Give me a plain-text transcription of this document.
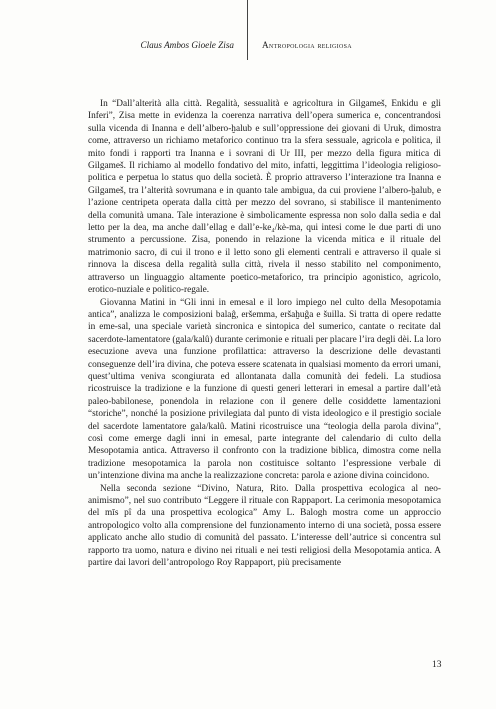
Claus Ambos Gioele Zisa	Antropologia religiosa

In “Dall’alterità alla città. Regalità, sessualità e agricoltura in Gilgameš, Enkidu e gli Inferi”, Zisa mette in evidenza la coerenza narrativa dell’opera sumerica e, concentrandosi sulla vicenda di Inanna e dell’albero-ḫalub e sull’oppressione dei giovani di Uruk, dimostra come, attraverso un richiamo metaforico continuo tra la sfera sessuale, agricola e politica, il mito fondi i rapporti tra Inanna e i sovrani di Ur III, per mezzo della figura mitica di Gilgameš. Il richiamo al modello fondativo del mito, infatti, leggittima l’ideologia religioso-politica e perpetua lo status quo della società. È proprio attraverso l’interazione tra Inanna e Gilgameš, tra l’alterità sovrumana e in quanto tale ambigua, da cui proviene l’albero-ḫalub, e l’azione centripeta operata dalla città per mezzo del sovrano, si stabilisce il mantenimento della comunità umana. Tale interazione è simbolicamente espressa non solo dalla sedia e dal letto per la dea, ma anche dall’ellag e dall’e-ke₄/kè-ma, qui intesi come le due parti di uno strumento a percussione. Zisa, ponendo in relazione la vicenda mitica e il rituale del matrimonio sacro, di cui il trono e il letto sono gli elementi centrali e attraverso il quale si rinnova la discesa della regalità sulla città, rivela il nesso stabilito nel componimento, attraverso un linguaggio altamente poetico-metaforico, tra principio agonistico, agricolo, erotico-nuziale e politico-regale.

Giovanna Matini in “Gli inni in emesal e il loro impiego nel culto della Mesopotamia antica”, analizza le composizioni balaĝ, eršemma, eršaḫuĝa e šuilla. Si tratta di opere redatte in eme-sal, una speciale varietà sincronica e sintopica del sumerico, cantate o recitate dal sacerdote-lamentatore (gala/kalû) durante cerimonie e rituali per placare l’ira degli dèi. La loro esecuzione aveva una funzione profilattica: attraverso la descrizione delle devastanti conseguenze dell’ira divina, che poteva essere scatenata in qualsiasi momento da errori umani, quest’ultima veniva scongiurata ed allontanata dalla comunità dei fedeli. La studiosa ricostruisce la tradizione e la funzione di questi generi letterari in emesal a partire dall’età paleo-babilonese, ponendola in relazione con il genere delle cosiddette lamentazioni “storiche”, nonché la posizione privilegiata dal punto di vista ideologico e il prestigio sociale del sacerdote lamentatore gala/kalû. Matini ricostruisce una “teologia della parola divina”, così come emerge dagli inni in emesal, parte integrante del calendario di culto della Mesopotamia antica. Attraverso il confronto con la tradizione biblica, dimostra come nella tradizione mesopotamica la parola non costituisce soltanto l’espressione verbale di un’intenzione divina ma anche la realizzazione concreta: parola e azione divina coincidono.

Nella seconda sezione “Divino, Natura, Rito. Dalla prospettiva ecologica al neo-animismo”, nel suo contributo “Leggere il rituale con Rappaport. La cerimonia mesopotamica del mīs pî da una prospettiva ecologica” Amy L. Balogh mostra come un approccio antropologico volto alla comprensione del funzionamento interno di una società, possa essere applicato anche allo studio di comunità del passato. L’interesse dell’autrice si concentra sul rapporto tra uomo, natura e divino nei rituali e nei testi religiosi della Mesopotamia antica. A partire dai lavori dell’antropologo Roy Rappaport, più precisamente

13
